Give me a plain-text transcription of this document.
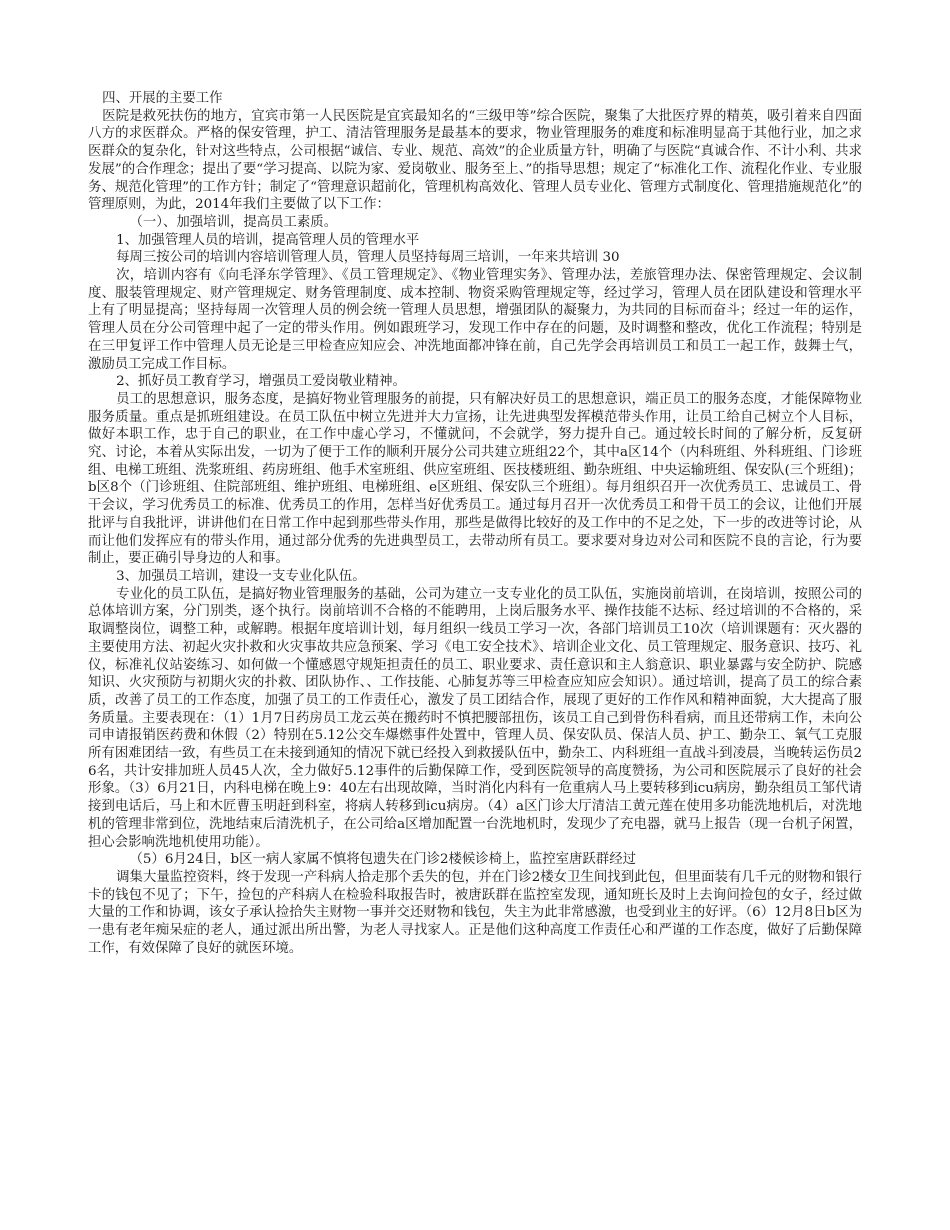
四、开展的主要工作

医院是救死扶伤的地方，宜宾市第一人民医院是宜宾最知名的“三级甲等”综合医院，聚集了大批医疗界的精英，吸引着来自四面八方的求医群众。严格的保安管理，护工、清洁管理服务是最基本的要求，物业管理服务的难度和标准明显高于其他行业，加之求医群众的复杂化，针对这些特点，公司根据“诚信、专业、规范、高效”的企业质量方针，明确了与医院“真诚合作、不计小利、共求发展”的合作理念；提出了要“学习提高、以院为家、爱岗敬业、服务至上、”的指导思想；规定了“标准化工作、流程化作业、专业服务、规范化管理”的工作方针；制定了“管理意识超前化，管理机构高效化、管理人员专业化、管理方式制度化、管理措施规范化”的管理原则，为此，2014年我们主要做了以下工作：

（一）、加强培训，提高员工素质。

1、加强管理人员的培训，提高管理人员的管理水平

每周三按公司的培训内容培训管理人员，管理人员坚持每周三培训，一年来共培训 30

次，培训内容有《向毛泽东学管理》、《员工管理规定》、《物业管理实务》、管理办法，差旅管理办法、保密管理规定、会议制度、服装管理规定、财产管理规定、财务管理制度、成本控制、物资采购管理规定等，经过学习，管理人员在团队建设和管理水平上有了明显提高；坚持每周一次管理人员的例会统一管理人员思想，增强团队的凝聚力，为共同的目标而奋斗；经过一年的运作，管理人员在分公司管理中起了一定的带头作用。例如跟班学习，发现工作中存在的问题，及时调整和整改，优化工作流程；特别是在三甲复评工作中管理人员无论是三甲检查应知应会、冲洗地面都冲锋在前，自己先学会再培训员工和员工一起工作，鼓舞士气，激励员工完成工作目标。

2、抓好员工教育学习，增强员工爱岗敬业精神。

员工的思想意识，服务态度，是搞好物业管理服务的前提，只有解决好员工的思想意识，端正员工的服务态度，才能保障物业服务质量。重点是抓班组建设。在员工队伍中树立先进并大力宣扬，让先进典型发挥模范带头作用，让员工给自己树立个人目标，做好本职工作，忠于自己的职业，在工作中虚心学习，不懂就问，不会就学，努力提升自己。通过较长时间的了解分析，反复研究、讨论，本着从实际出发，一切为了便于工作的顺利开展分公司共建立班组22个，其中a区14个（内科班组、外科班组、门诊班组、电梯工班组、洗浆班组、药房班组、他手术室班组、供应室班组、医技楼班组、勤杂班组、中央运输班组、保安队(三个班组)；b区8个（门诊班组、住院部班组、维护班组、电梯班组、e区班组、保安队三个班组）。每月组织召开一次优秀员工、忠诚员工、骨干会议，学习优秀员工的标准、优秀员工的作用，怎样当好优秀员工。通过每月召开一次优秀员工和骨干员工的会议，让他们开展批评与自我批评，讲讲他们在日常工作中起到那些带头作用，那些是做得比较好的及工作中的不足之处，下一步的改进等讨论，从而让他们发挥应有的带头作用，通过部分优秀的先进典型员工，去带动所有员工。要求要对身边对公司和医院不良的言论，行为要制止，要正确引导身边的人和事。

3、加强员工培训，建设一支专业化队伍。

专业化的员工队伍，是搞好物业管理服务的基础，公司为建立一支专业化的员工队伍，实施岗前培训，在岗培训，按照公司的总体培训方案，分门别类，逐个执行。岗前培训不合格的不能聘用，上岗后服务水平、操作技能不达标、经过培训的不合格的，采取调整岗位，调整工种，或解聘。根据年度培训计划，每月组织一线员工学习一次，各部门培训员工10次（培训课题有：灭火器的主要使用方法、初起火灾扑救和火灾事故共应急预案、学习《电工安全技术》、培训企业文化、员工管理规定、服务意识、技巧、礼仪，标准礼仪站姿练习、如何做一个懂感恩守规矩担责任的员工、职业要求、责任意识和主人翁意识、职业暴露与安全防护、院感知识、火灾预防与初期火灾的扑救、团队协作、、工作技能、心肺复苏等三甲检查应知应会知识）。通过培训，提高了员工的综合素质，改善了员工的工作态度，加强了员工的工作责任心，激发了员工团结合作，展现了更好的工作作风和精神面貌，大大提高了服务质量。主要表现在：（1）1月7日药房员工龙云英在搬药时不慎把腰部扭伤，该员工自己到骨伤科看病，而且还带病工作，未向公司申请报销医药费和休假（2）特别在5.12公交车爆燃事件处置中，管理人员、保安队员、保洁人员、护工、勤杂工、氧气工克服所有困难团结一致，有些员工在未接到通知的情况下就已经投入到救援队伍中，勤杂工、内科班组一直战斗到凌晨，当晚转运伤员26名，共计安排加班人员45人次，全力做好5.12事件的后勤保障工作，受到医院领导的高度赞扬，为公司和医院展示了良好的社会形象。（3）6月21日，内科电梯在晚上9：40左右出现故障，当时消化内科有一危重病人马上要转移到icu病房，勤杂组员工邹代请接到电话后，马上和木匠曹玉明赶到科室，将病人转移到icu病房。（4）a区门诊大厅清洁工黄元莲在使用多功能洗地机后，对洗地机的管理非常到位，洗地结束后清洗机子，在公司给a区增加配置一台洗地机时，发现少了充电器，就马上报告（现一台机子闲置，担心会影响洗地机使用功能）。

（5）6月24日，b区一病人家属不慎将包遗失在门诊2楼候诊椅上，监控室唐跃群经过

调集大量监控资料，终于发现一产科病人拾走那个丢失的包，并在门诊2楼女卫生间找到此包，但里面装有几千元的财物和银行卡的钱包不见了；下午，捡包的产科病人在检验科取报告时，被唐跃群在监控室发现，通知班长及时上去询问捡包的女子，经过做大量的工作和协调，该女子承认捡拾失主财物一事并交还财物和钱包，失主为此非常感激，也受到业主的好评。（6）12月8日b区为一患有老年痴呆症的老人，通过派出所出警，为老人寻找家人。正是他们这种高度工作责任心和严谨的工作态度，做好了后勤保障工作，有效保障了良好的就医环境。
